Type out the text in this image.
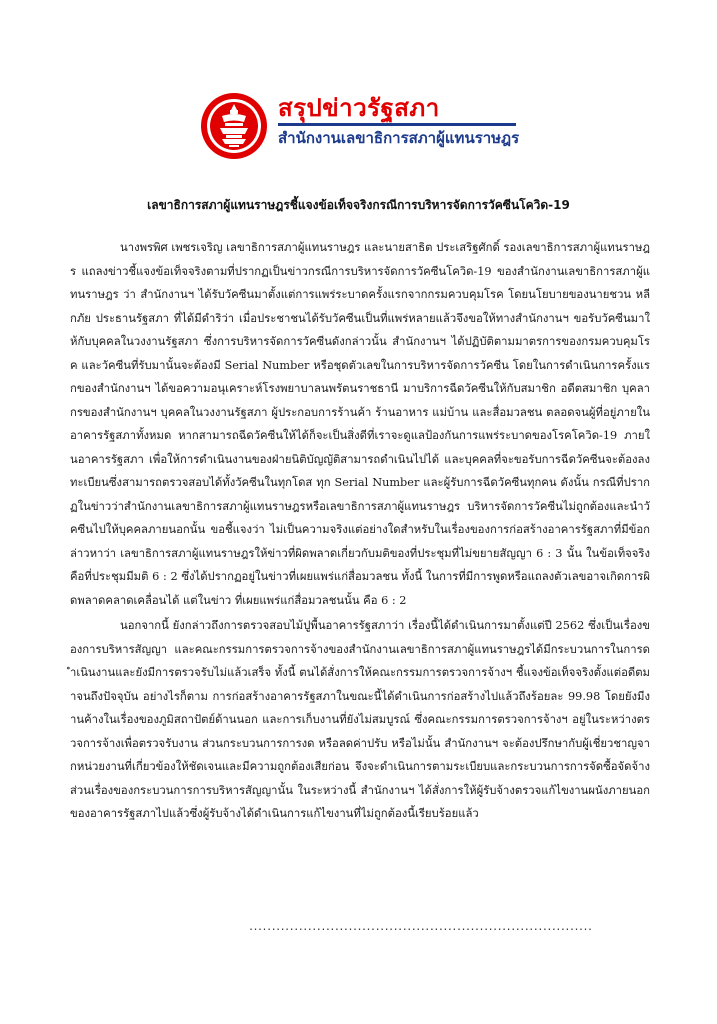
สรุปข่าวรัฐสภา
สำนักงานเลขาธิการสภาผู้แทนราษฎร
เลขาธิการสภาผู้แทนราษฎรชี้แจงข้อเท็จจริงกรณีการบริหารจัดการวัคซีนโควิด-19

นางพรพิศ เพชรเจริญ เลขาธิการสภาผู้แทนราษฎร และนายสาธิต ประเสริฐศักดิ์ รองเลขาธิการสภาผู้แทนราษฎร แถลงข่าวชี้แจงข้อเท็จจริงตามที่ปรากฏเป็นข่าวกรณีการบริหารจัดการวัคซีนโควิด-19 ของสำนักงานเลขาธิการสภาผู้แทนราษฎร ว่า สำนักงานฯ ได้รับวัคซีนมาตั้งแต่การแพร่ระบาดครั้งแรกจากกรมควบคุมโรค โดยนโยบายของนายชวน หลีกภัย ประธานรัฐสภา ที่ได้มีดำริว่า เมื่อประชาชนได้รับวัคซีนเป็นที่แพร่หลายแล้วจึงขอให้ทางสำนักงานฯ ขอรับวัคซีนมาให้กับบุคคลในวงงานรัฐสภา ซึ่งการบริหารจัดการวัคซีนดังกล่าวนั้น สำนักงานฯ ได้ปฏิบัติตามมาตรการของกรมควบคุมโรค และวัคซีนที่รับมานั้นจะต้องมี Serial Number หรือชุดตัวเลขในการบริหารจัดการวัคซีน โดยในการดำเนินการครั้งแรกของสำนักงานฯ ได้ขอความอนุเคราะห์โรงพยาบาลนพรัตนราชธานี มาบริการฉีดวัคซีนให้กับสมาชิก อดีตสมาชิก บุคลากรของสำนักงานฯ บุคคลในวงงานรัฐสภา ผู้ประกอบการร้านค้า ร้านอาหาร แม่บ้าน และสื่อมวลชน ตลอดจนผู้ที่อยู่ภายในอาคารรัฐสภาทั้งหมด หากสามารถฉีดวัคซีนให้ได้ก็จะเป็นสิ่งดีที่เราจะดูแลป้องกันการแพร่ระบาดของโรคโควิด-19 ภายในอาคารรัฐสภา เพื่อให้การดำเนินงานของฝ่ายนิติบัญญัติสามารถดำเนินไปได้ และบุคคลที่จะขอรับการฉีดวัคซีนจะต้องลงทะเบียนซึ่งสามารถตรวจสอบได้ทั้งวัคซีนในทุกโดส ทุก Serial Number และผู้รับการฉีดวัคซีนทุกคน ดังนั้น กรณีที่ปรากฏในข่าวว่าสำนักงานเลขาธิการสภาผู้แทนราษฎรหรือเลขาธิการสภาผู้แทนราษฎร บริหารจัดการวัคซีนไม่ถูกต้องและนำวัคซีนไปให้บุคคลภายนอกนั้น ขอชี้แจงว่า ไม่เป็นความจริงแต่อย่างใดสำหรับในเรื่องของการก่อสร้างอาคารรัฐสภาที่มีข้อกล่าวหาว่า เลขาธิการสภาผู้แทนราษฎรให้ข่าวที่ผิดพลาดเกี่ยวกับมติของที่ประชุมที่ไม่ขยายสัญญา 6 : 3 นั้น ในข้อเท็จจริงคือที่ประชุมมีมติ 6 : 2 ซึ่งได้ปรากฏอยู่ในข่าวที่เผยแพร่แก่สื่อมวลชน ทั้งนี้ ในการที่มีการพูดหรือแถลงตัวเลขอาจเกิดการผิดพลาดคลาดเคลื่อนได้ แต่ในข่าว ที่เผยแพร่แก่สื่อมวลชนนั้น คือ 6 : 2

นอกจากนี้ ยังกล่าวถึงการตรวจสอบไม้ปูพื้นอาคารรัฐสภาว่า เรื่องนี้ได้ดำเนินการมาตั้งแต่ปี 2562 ซึ่งเป็นเรื่องของการบริหารสัญญา และคณะกรรมการตรวจการจ้างของสำนักงานเลขาธิการสภาผู้แทนราษฎรได้มีกระบวนการในการดำเนินงานและยังมีการตรวจรับไม่แล้วเสร็จ ทั้งนี้ ตนได้สั่งการให้คณะกรรมการตรวจการจ้างฯ ชี้แจงข้อเท็จจริงตั้งแต่อดีตมาจนถึงปัจจุบัน อย่างไรก็ตาม การก่อสร้างอาคารรัฐสภาในขณะนี้ได้ดำเนินการก่อสร้างไปแล้วถึงร้อยละ 99.98 โดยยังมีงานค้างในเรื่องของภูมิสถาปัตย์ด้านนอก และการเก็บงานที่ยังไม่สมบูรณ์ ซึ่งคณะกรรมการตรวจการจ้างฯ อยู่ในระหว่างตรวจการจ้างเพื่อตรวจรับงาน ส่วนกระบวนการการงด หรือลดค่าปรับ หรือไม่นั้น สำนักงานฯ จะต้องปรึกษากับผู้เชี่ยวชาญจากหน่วยงานที่เกี่ยวข้องให้ชัดเจนและมีความถูกต้องเสียก่อน จึงจะดำเนินการตามระเบียบและกระบวนการการจัดซื้อจัดจ้าง ส่วนเรื่องของกระบวนการการบริหารสัญญานั้น ในระหว่างนี้ สำนักงานฯ ได้สั่งการให้ผู้รับจ้างตรวจแก้ไขงานผนังภายนอกของอาคารรัฐสภาไปแล้วซึ่งผู้รับจ้างได้ดำเนินการแก้ไขงานที่ไม่ถูกต้องนี้เรียบร้อยแล้ว

............................................................................
